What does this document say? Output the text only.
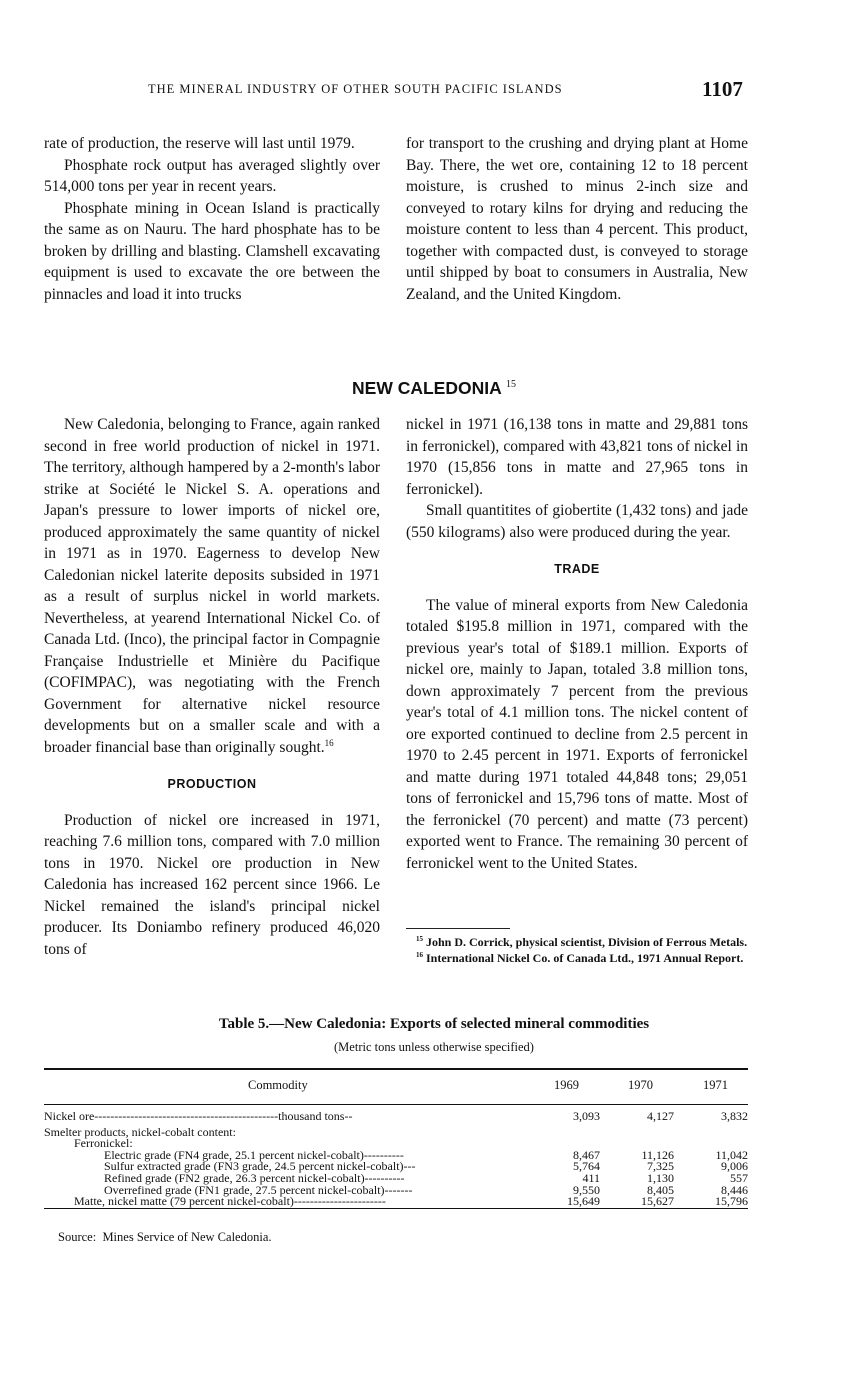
THE MINERAL INDUSTRY OF OTHER SOUTH PACIFIC ISLANDS	1107

rate of production, the reserve will last until 1979.

Phosphate rock output has averaged slightly over 514,000 tons per year in recent years.

Phosphate mining in Ocean Island is practically the same as on Nauru. The hard phosphate has to be broken by drilling and blasting. Clamshell excavating equipment is used to excavate the ore between the pinnacles and load it into trucks

for transport to the crushing and drying plant at Home Bay. There, the wet ore, containing 12 to 18 percent moisture, is crushed to minus 2-inch size and conveyed to rotary kilns for drying and reducing the moisture content to less than 4 percent. This product, together with compacted dust, is conveyed to storage until shipped by boat to consumers in Australia, New Zealand, and the United Kingdom.

NEW CALEDONIA $^{15}$

New Caledonia, belonging to France, again ranked second in free world production of nickel in 1971. The territory, although hampered by a 2-month's labor strike at Société le Nickel S. A. operations and Japan's pressure to lower imports of nickel ore, produced approximately the same quantity of nickel in 1971 as in 1970. Eagerness to develop New Caledonian nickel laterite deposits subsided in 1971 as a result of surplus nickel in world markets. Nevertheless, at yearend International Nickel Co. of Canada Ltd. (Inco), the principal factor in Compagnie Française Industrielle et Minière du Pacifique (COFIMPAC), was negotiating with the French Government for alternative nickel resource developments but on a smaller scale and with a broader financial base than originally sought.$^{16}$

PRODUCTION

Production of nickel ore increased in 1971, reaching 7.6 million tons, compared with 7.0 million tons in 1970. Nickel ore production in New Caledonia has increased 162 percent since 1966. Le Nickel remained the island's principal nickel producer. Its Doniambo refinery produced 46,020 tons of

nickel in 1971 (16,138 tons in matte and 29,881 tons in ferronickel), compared with 43,821 tons of nickel in 1970 (15,856 tons in matte and 27,965 tons in ferronickel).

Small quantitites of giobertite (1,432 tons) and jade (550 kilograms) also were produced during the year.

TRADE

The value of mineral exports from New Caledonia totaled $195.8 million in 1971, compared with the previous year's total of $189.1 million. Exports of nickel ore, mainly to Japan, totaled 3.8 million tons, down approximately 7 percent from the previous year's total of 4.1 million tons. The nickel content of ore exported continued to decline from 2.5 percent in 1970 to 2.45 percent in 1971. Exports of ferronickel and matte during 1971 totaled 44,848 tons; 29,051 tons of ferronickel and 15,796 tons of matte. Most of the ferronickel (70 percent) and matte (73 percent) exported went to France. The remaining 30 percent of ferronickel went to the United States.

$^{15}$ John D. Corrick, physical scientist, Division of Ferrous Metals.

$^{16}$ International Nickel Co. of Canada Ltd., 1971 Annual Report.

Table 5.—New Caledonia: Exports of selected mineral commodities
(Metric tons unless otherwise specified)
Commodity	1969	1970	1971
Nickel ore----------------------------------------------thousand tons--	3,093	4,127	3,832
Smelter products, nickel-cobalt content:
Ferronickel:
Electric grade (FN4 grade, 25.1 percent nickel-cobalt)----------	8,467	11,126	11,042
Sulfur extracted grade (FN3 grade, 24.5 percent nickel-cobalt)---	5,764	7,325	9,006
Refined grade (FN2 grade, 26.3 percent nickel-cobalt)----------	411	1,130	557
Overrefined grade (FN1 grade, 27.5 percent nickel-cobalt)-------	9,550	8,405	8,446
Matte, nickel matte (79 percent nickel-cobalt)-----------------------	15,649	15,627	15,796
Source: Mines Service of New Caledonia.
